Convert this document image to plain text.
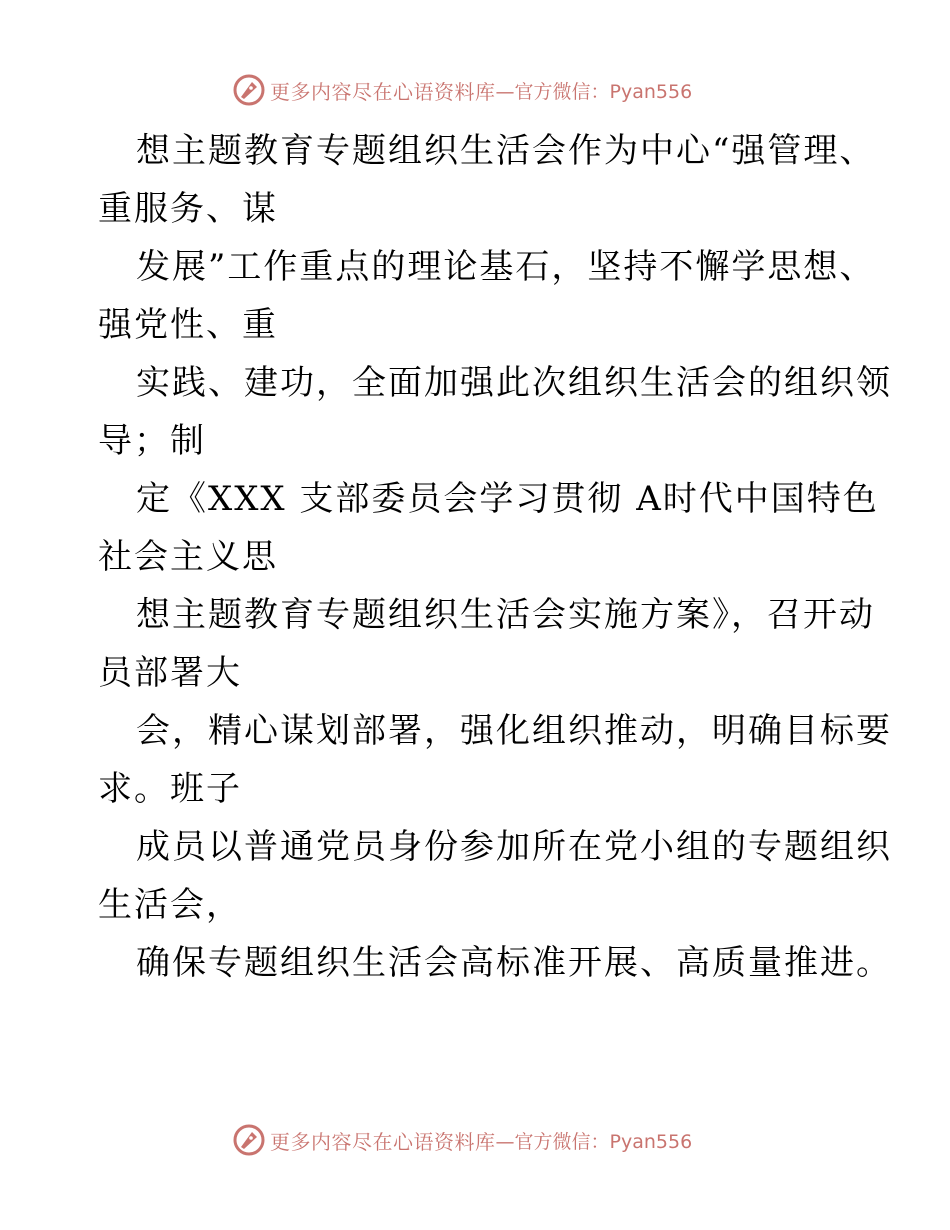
更多内容尽在心语资料库 —官方微信：Pyan556
想主题教育专题组织生活会作为中心“强管理、
重服务、谋
发展”工作重点的理论基石，坚持不懈学思想、
强党性、重
实践、建功，全面加强此次组织生活会的组织领
导；制
定《XXX 支部委员会学习贯彻 A时代中国特色
社会主义思
想主题教育专题组织生活会实施方案》，召开动
员部署大
会，精心谋划部署，强化组织推动，明确目标要
求。班子
成员以普通党员身份参加所在党小组的专题组织
生活会，
确保专题组织生活会高标准开展、高质量推进。
更多内容尽在心语资料库 —官方微信：Pyan556
